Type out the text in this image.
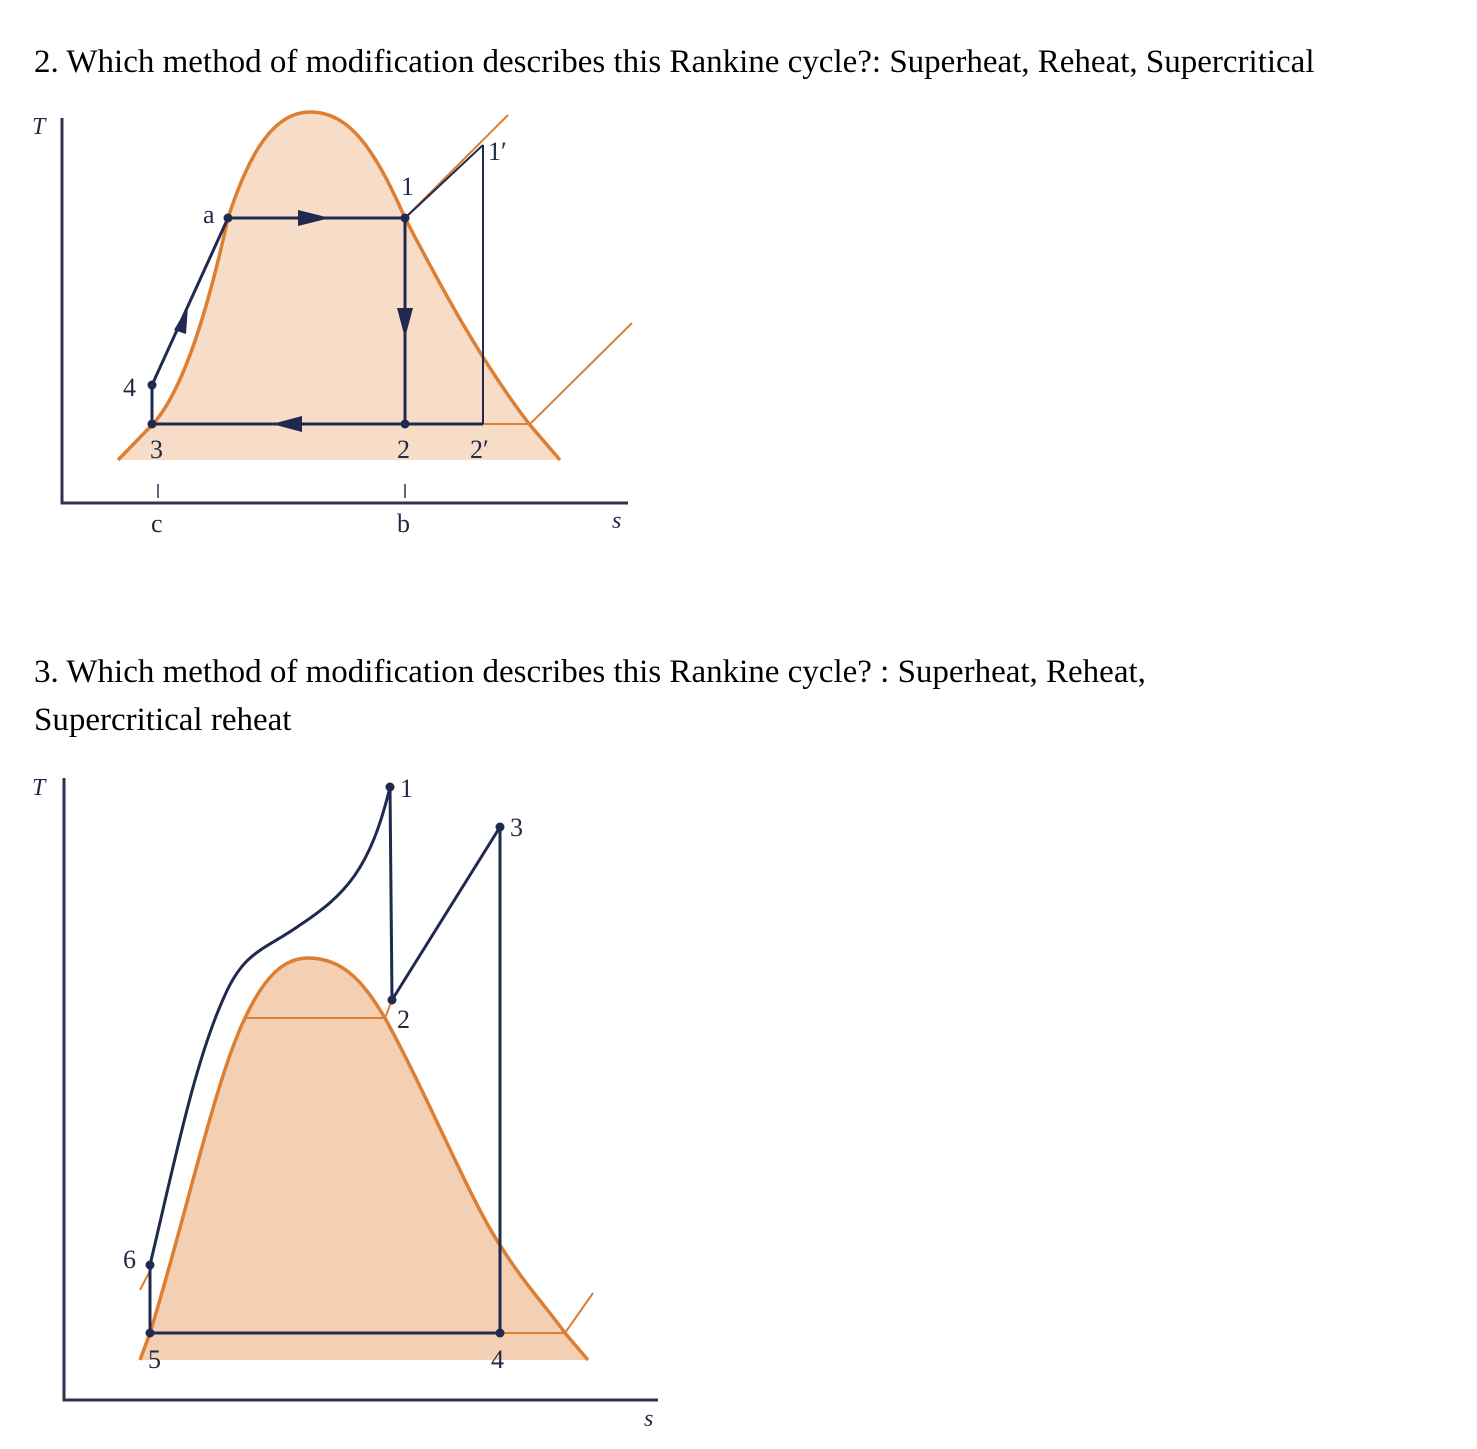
2. Which method of modification describes this Rankine cycle?: Superheat, Reheat, Supercritical

3. Which method of modification describes this Rankine cycle? : Superheat, Reheat, Supercritical reheat

T
s
1
1′
a
4
3	2 2′
c	b
T
s
1
2
3
4
5
6
